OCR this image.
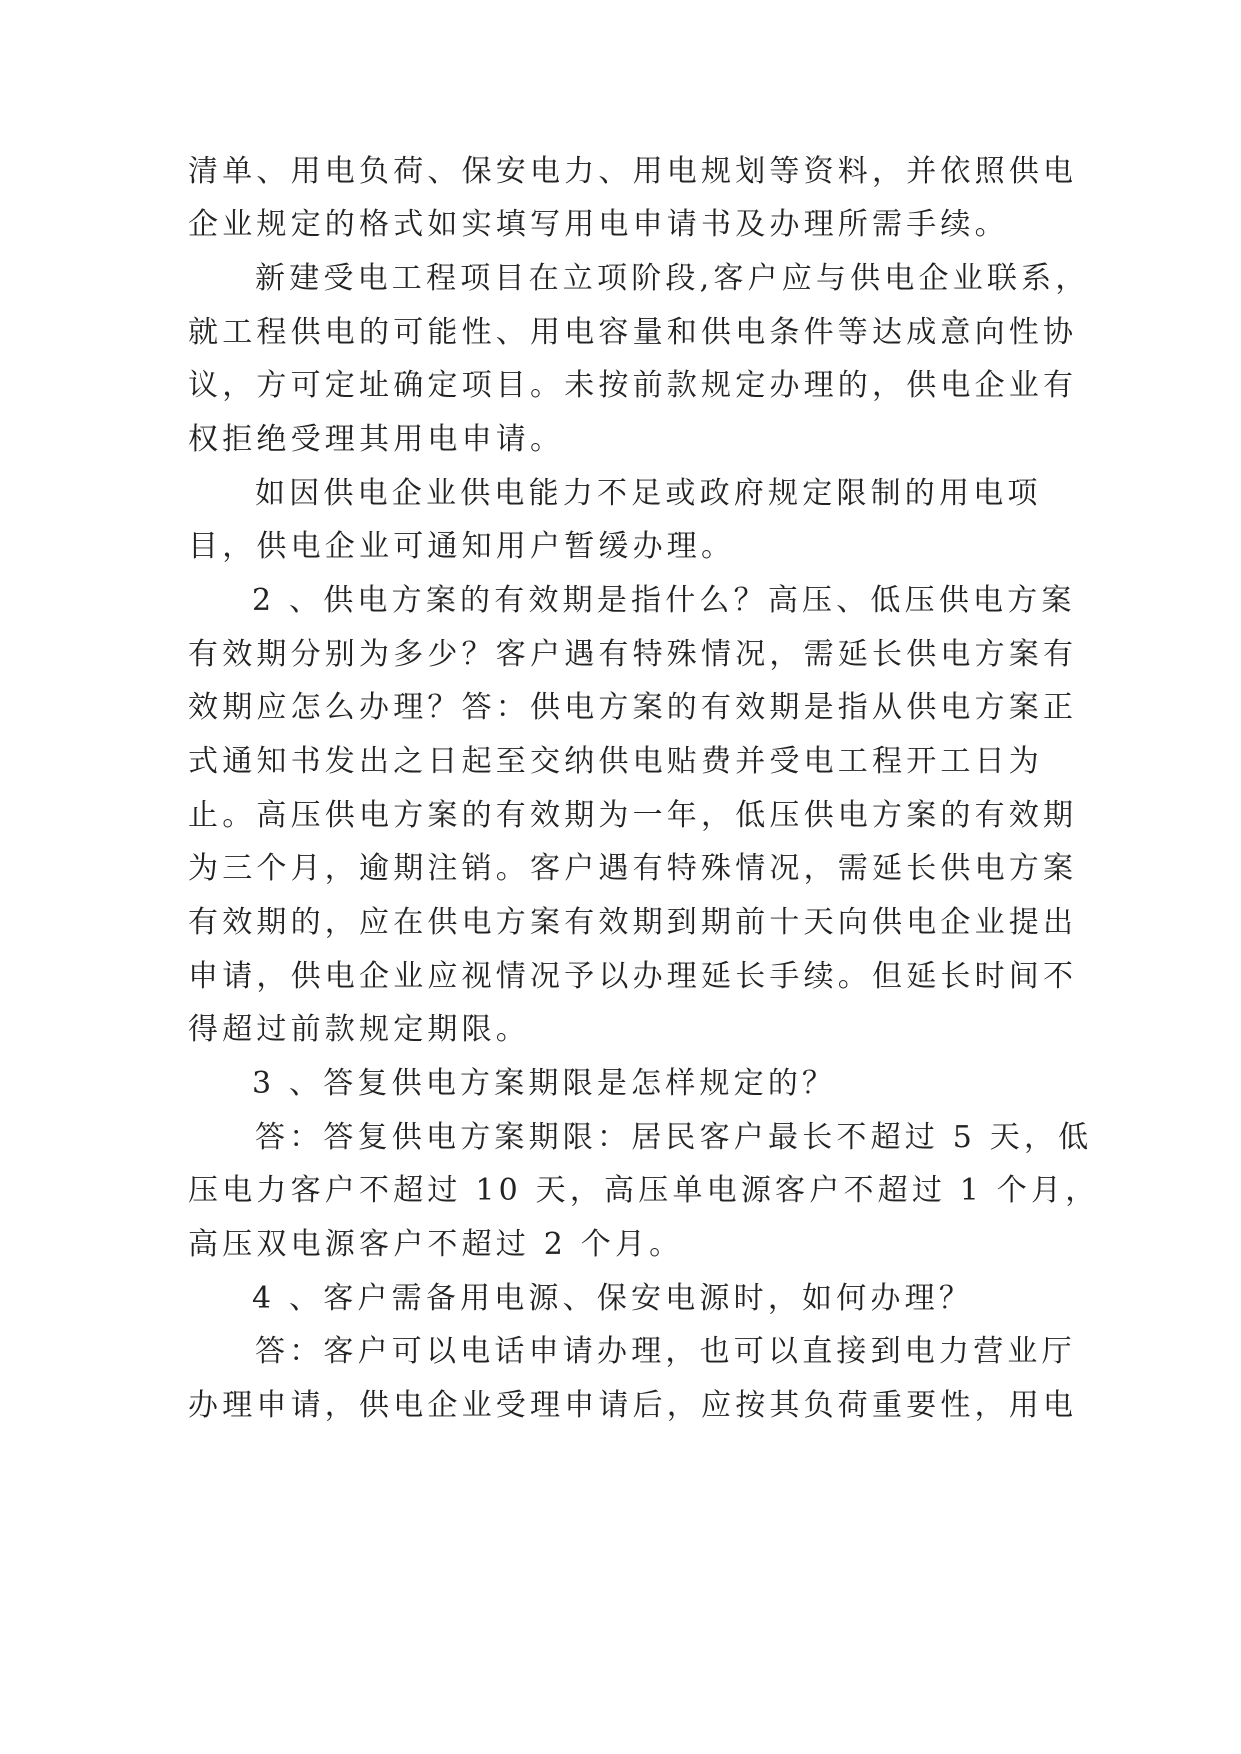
清单、用电负荷、保安电力、用电规划等资料，并依照供电
企业规定的格式如实填写用电申请书及办理所需手续。
新建受电工程项目在立项阶段,客户应与供电企业联系，
就工程供电的可能性、用电容量和供电条件等达成意向性协
议，方可定址确定项目。未按前款规定办理的，供电企业有
权拒绝受理其用电申请。
如因供电企业供电能力不足或政府规定限制的用电项
目，供电企业可通知用户暂缓办理。
2 、供电方案的有效期是指什么？高压、低压供电方案
有效期分别为多少？客户遇有特殊情况，需延长供电方案有
效期应怎么办理？答：供电方案的有效期是指从供电方案正
式通知书发出之日起至交纳供电贴费并受电工程开工日为
止。高压供电方案的有效期为一年，低压供电方案的有效期
为三个月，逾期注销。客户遇有特殊情况，需延长供电方案
有效期的，应在供电方案有效期到期前十天向供电企业提出
申请，供电企业应视情况予以办理延长手续。但延长时间不
得超过前款规定期限。
3 、答复供电方案期限是怎样规定的？
答：答复供电方案期限：居民客户最长不超过 5 天，低
压电力客户不超过 10 天，高压单电源客户不超过 1 个月，
高压双电源客户不超过 2 个月。
4 、客户需备用电源、保安电源时，如何办理？
答：客户可以电话申请办理，也可以直接到电力营业厅
办理申请，供电企业受理申请后，应按其负荷重要性，用电
